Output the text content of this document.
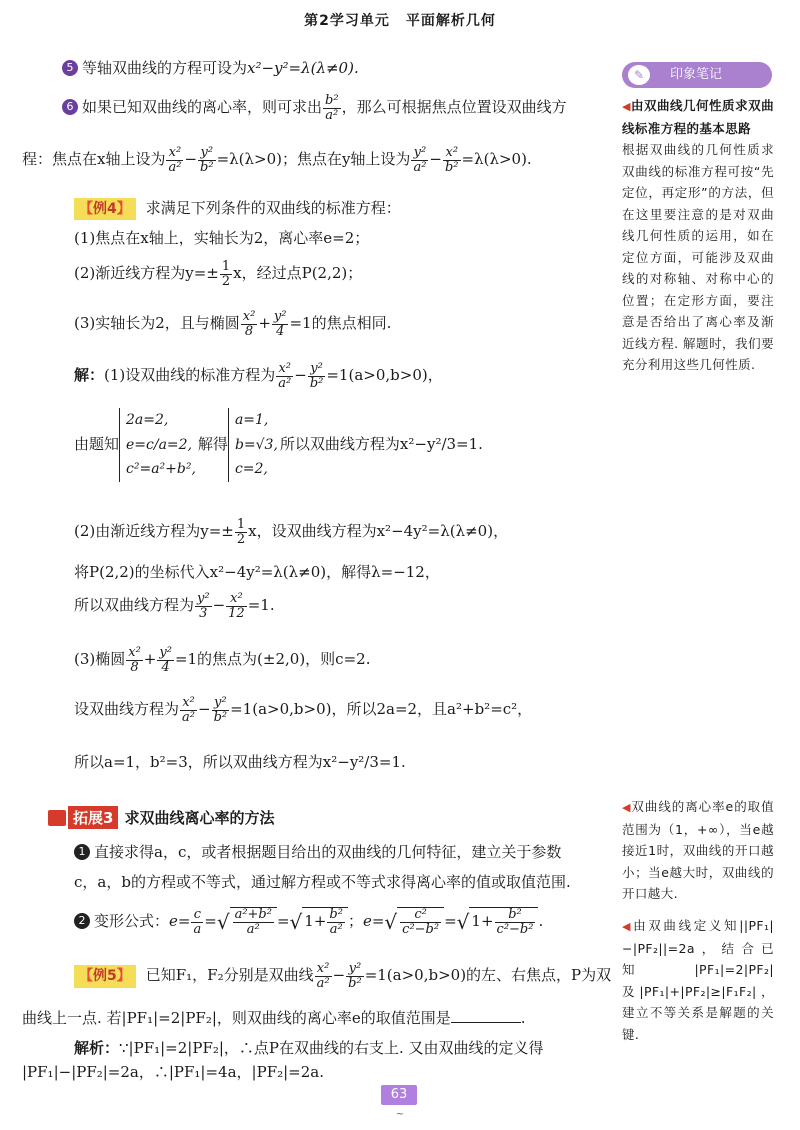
第2学习单元 平面解析几何
5 等轴双曲线的方程可设为x²−y²=λ(λ≠0).
6 如果已知双曲线的离心率，则可求出 $\frac{\text{b²}}{\text{a²}}$ ，那么可根据焦点位置设双曲线方
程：焦点在x轴上设为 $\frac{\text{x²}}{\text{a²}} - \frac{\text{y²}}{\text{b²}} =\lambda(\lambda>0)$；焦点在y轴上设为 $\frac{\text{y²}}{\text{a²}} - \frac{\text{x²}}{\text{b²}} =\lambda(\lambda>0)$.
【例4】 求满足下列条件的双曲线的标准方程：
(1)焦点在x轴上，实轴长为2，离心率e=2；
(2)渐近线方程为$y=\pm \frac{1}{2}$ x，经过点P(2,2)；
(3)实轴长为2，且与椭圆 $\frac{\text{x²}}{8} + \frac{\text{y²}}{4} =1$的焦点相同.
解：(1)设双曲线的标准方程为 $\frac{\text{x²}}{\text{a²}} - \frac{\text{y²}}{\text{b²}} =1(a>0,b>0)$，
由题知
2a=2,
e=c/a=2,
c²=a²+b²,
解得
a=1,
b=√3,
c=2,
所以双曲线方程为x²−y²/3=1.
(2)由渐近线方程为$y=\pm \frac{1}{2}$ x，设双曲线方程为x²−4y²=λ(λ≠0)，
将P(2,2)的坐标代入x²−4y²=λ(λ≠0)，解得λ=−12，
所以双曲线方程为 $\frac{\text{y²}}{3} - \frac{\text{x²}}{12} =1$.
(3)椭圆 $\frac{\text{x²}}{8} + \frac{\text{y²}}{4} =1$的焦点为(±2,0)，则c=2.
设双曲线方程为 $\frac{\text{x²}}{\text{a²}} - \frac{\text{y²}}{\text{b²}} =1(a>0,b>0)$，所以2a=2，且a²+b²=c²，
所以a=1，b²=3，所以双曲线方程为x²−y²/3=1.
1 直接求得a，c，或者根据题目给出的双曲线的几何特征，建立关于参数
c，a，b的方程或不等式，通过解方程或不等式求得离心率的值或取值范围.
2 变形公式：$e= \frac{c}{a}$ =√ $\frac{\text{a²+b²}}{\text{a²}}$ =√ $1+ \frac{\text{b²}}{\text{a²}}$ ；$e=√ \frac{\text{c²}}{\text{c²−b²}}$ =√ $1+ \frac{\text{b²}}{\text{c²−b²}}$ .
【例5】 已知F₁，F₂分别是双曲线 $\frac{\text{x²}}{\text{a²}} - \frac{\text{y²}}{\text{b²}} =1(a>0,b>0)$的左、右焦点，P为双
曲线上一点. 若|PF₁|=2|PF₂|，则双曲线的离心率e的取值范围是	.
解析：∵|PF₁|=2|PF₂|，∴点P在双曲线的右支上. 又由双曲线的定义得
|PF₁|−|PF₂|=2a，∴|PF₁|=4a，|PF₂|=2a.
拓展3 求双曲线离心率的方法
✎	印象笔记
◀由双曲线几何性质求双曲线标准方程的基本思路
根据双曲线的几何性质求双曲线的标准方程可按“先定位，再定形”的方法，但在这里要注意的是对双曲线几何性质的运用，如在定位方面，可能涉及双曲线的对称轴、对称中心的位置；在定形方面，要注意是否给出了离心率及渐近线方程. 解题时，我们要充分利用这些几何性质.
◀双曲线的离心率e的取值范围为（1，+∞），当e越接近1时，双曲线的开口越小；当e越大时，双曲线的开口越大.
◀由双曲线定义知||PF₁|−|PF₂||=2a，结合已知|PF₁|=2|PF₂|及|PF₁|+|PF₂|≥|F₁F₂|，建立不等关系是解题的关键.
63
~
